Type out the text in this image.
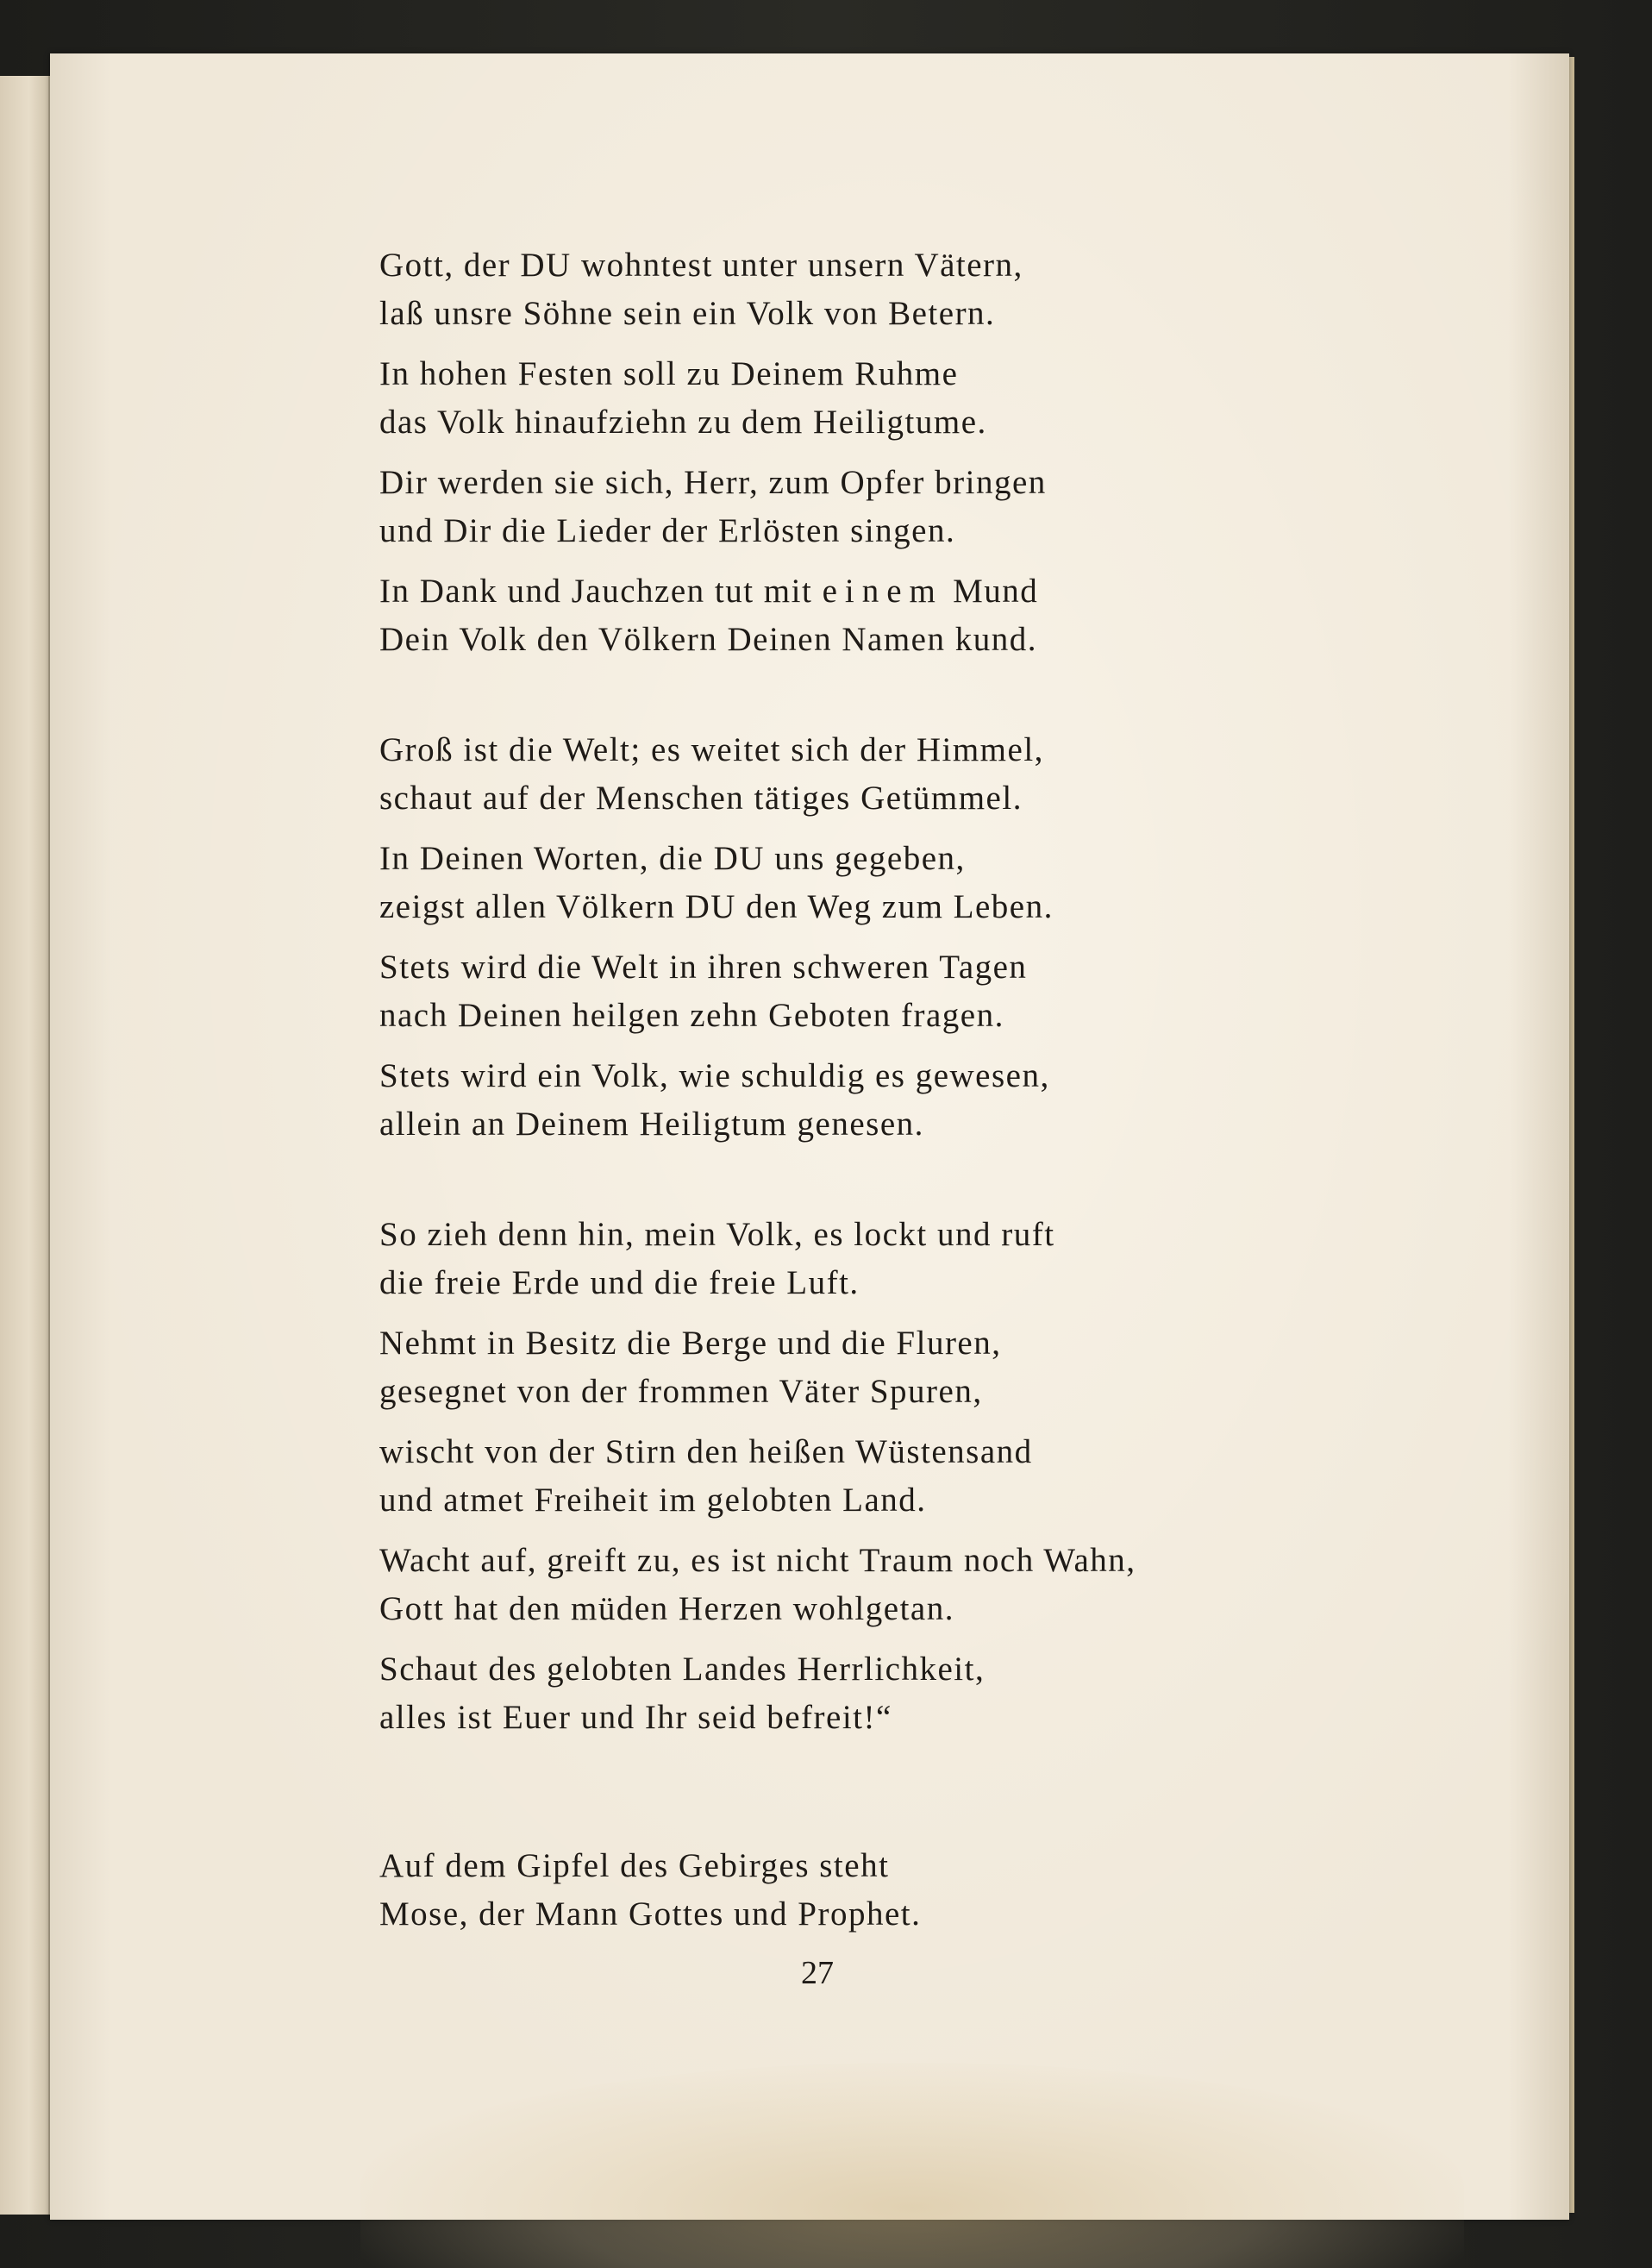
Gott, der DU wohntest unter unsern Vätern,
laß unsre Söhne sein ein Volk von Betern.
In hohen Festen soll zu Deinem Ruhme
das Volk hinaufziehn zu dem Heiligtume.
Dir werden sie sich, Herr, zum Opfer bringen
und Dir die Lieder der Erlösten singen.
In Dank und Jauchzen tut mit einem Mund
Dein Volk den Völkern Deinen Namen kund.
Groß ist die Welt; es weitet sich der Himmel,
schaut auf der Menschen tätiges Getümmel.
In Deinen Worten, die DU uns gegeben,
zeigst allen Völkern DU den Weg zum Leben.
Stets wird die Welt in ihren schweren Tagen
nach Deinen heilgen zehn Geboten fragen.
Stets wird ein Volk, wie schuldig es gewesen,
allein an Deinem Heiligtum genesen.
So zieh denn hin, mein Volk, es lockt und ruft
die freie Erde und die freie Luft.
Nehmt in Besitz die Berge und die Fluren,
gesegnet von der frommen Väter Spuren,
wischt von der Stirn den heißen Wüstensand
und atmet Freiheit im gelobten Land.
Wacht auf, greift zu, es ist nicht Traum noch Wahn,
Gott hat den müden Herzen wohlgetan.
Schaut des gelobten Landes Herrlichkeit,
alles ist Euer und Ihr seid befreit!“
Auf dem Gipfel des Gebirges steht
Mose, der Mann Gottes und Prophet.
27
